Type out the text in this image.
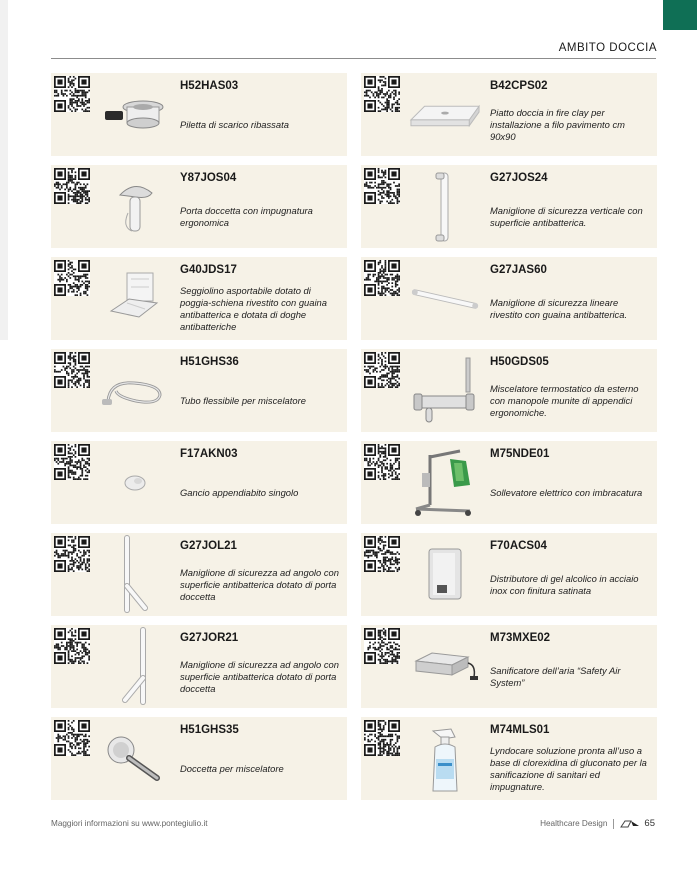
AMBITO DOCCIA
H52HAS03
Piletta di scarico ribassata
B42CPS02
Piatto doccia in fire clay per installazione a filo pavimento cm 90x90
Y87JOS04
Porta doccetta con impugnatura ergonomica
G27JOS24
Maniglione di sicurezza verticale con superficie antibatterica.
G40JDS17
Seggiolino asportabile dotato di poggia-schiena rivestito con guaina antibatterica e dotata di doghe antibatteriche
G27JAS60
Maniglione di sicurezza lineare rivestito con guaina antibatterica.
H51GHS36
Tubo flessibile per miscelatore
H50GDS05
Miscelatore termostatico da esterno con manopole munite di appendici ergonomiche.
F17AKN03
Gancio appendiabito singolo
M75NDE01
Sollevatore elettrico con imbracatura
G27JOL21
Maniglione di sicurezza ad angolo con superficie antibatterica dotato di porta doccetta
F70ACS04
Distributore di gel alcolico in acciaio inox con finitura satinata
G27JOR21
Maniglione di sicurezza ad angolo con superficie antibatterica dotato di porta doccetta
M73MXE02
Sanificatore dell’aria “Safety Air System”
H51GHS35
Doccetta per miscelatore
M74MLS01
Lyndocare soluzione pronta all’uso a base di clorexidina di gluconato per la sanificazione di sanitari ed impugnature.
Maggiori informazioni su www.pontegiulio.it	Healthcare Design	65
